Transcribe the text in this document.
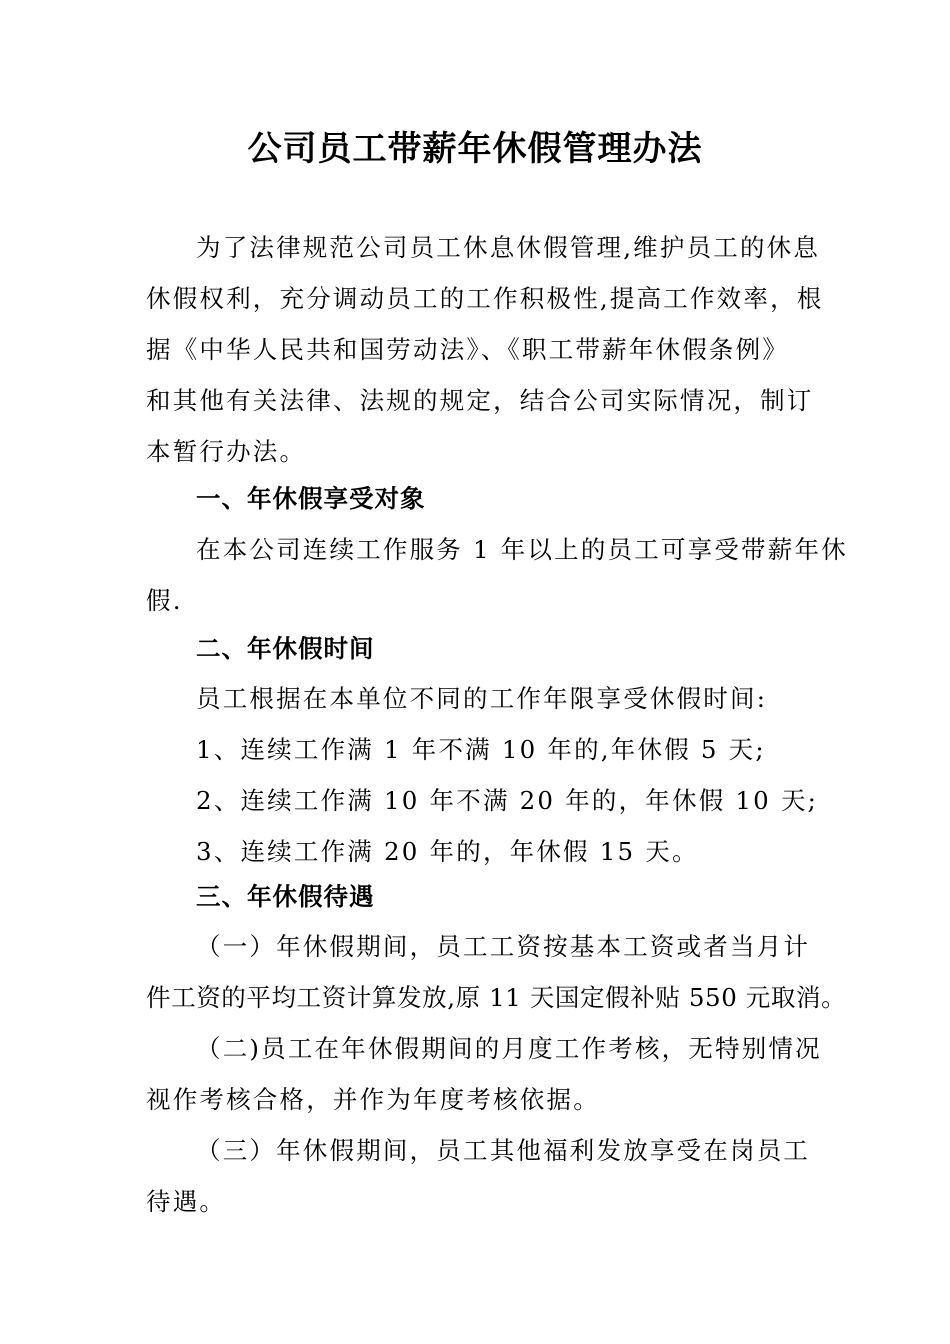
公司员工带薪年休假管理办法
为了法律规范公司员工休息休假管理,维护员工的休息
休假权利，充分调动员工的工作积极性,提高工作效率，根
据《中华人民共和国劳动法》、《职工带薪年休假条例》
和其他有关法律、法规的规定，结合公司实际情况，制订
本暂行办法。
一、年休假享受对象
在本公司连续工作服务 1 年以上的员工可享受带薪年休
假.
二、年休假时间
员工根据在本单位不同的工作年限享受休假时间:
1、连续工作满 1 年不满 10 年的,年休假 5 天;
2、连续工作满 10 年不满 20 年的，年休假 10 天;
3、连续工作满 20 年的，年休假 15 天。
三、年休假待遇
（一）年休假期间，员工工资按基本工资或者当月计
件工资的平均工资计算发放,原 11 天国定假补贴 550 元取消。
（二)员工在年休假期间的月度工作考核，无特别情况
视作考核合格，并作为年度考核依据。
（三）年休假期间，员工其他福利发放享受在岗员工
待遇。
